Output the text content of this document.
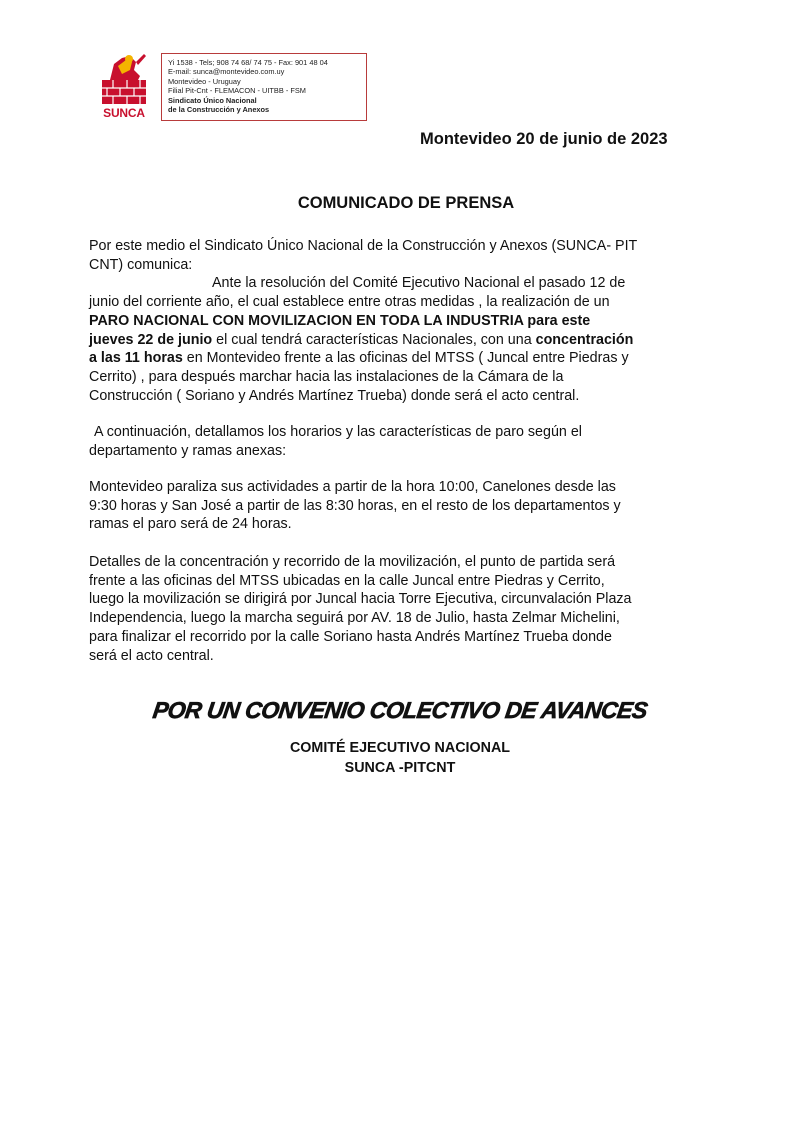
SUNCA
Yi 1538 - Tels; 908 74 68/ 74 75 - Fax: 901 48 04
E-mail: sunca@montevideo.com.uy
Montevideo - Uruguay
Filial Pit-Cnt - FLEMACON - UITBB - FSM
Sindicato Único Nacional
de la Construcción y Anexos
Montevideo 20 de junio de 2023
COMUNICADO DE PRENSA
Por este medio el Sindicato Único Nacional de la Construcción y Anexos (SUNCA- PIT
CNT) comunica:
Ante la resolución del Comité Ejecutivo Nacional el pasado 12 de
junio del corriente año, el cual establece entre otras medidas , la realización de un
PARO NACIONAL CON MOVILIZACION EN TODA LA INDUSTRIA para este
jueves 22 de junio el cual tendrá características Nacionales, con una concentración
a las 11 horas en Montevideo frente a las oficinas del MTSS ( Juncal entre Piedras y
Cerrito) , para después marchar hacia las instalaciones de la Cámara de la
Construcción ( Soriano y Andrés Martínez Trueba) donde será el acto central.
A continuación, detallamos los horarios y las características de paro según el
departamento y ramas anexas:
Montevideo paraliza sus actividades a partir de la hora 10:00, Canelones desde las
9:30 horas y San José a partir de las 8:30 horas, en el resto de los departamentos y
ramas el paro será de 24 horas.
Detalles de la concentración y recorrido de la movilización, el punto de partida será
frente a las oficinas del MTSS ubicadas en la calle Juncal entre Piedras y Cerrito,
luego la movilización se dirigirá por Juncal hacia Torre Ejecutiva, circunvalación Plaza
Independencia, luego la marcha seguirá por AV. 18 de Julio, hasta Zelmar Michelini,
para finalizar el recorrido por la calle Soriano hasta Andrés Martínez Trueba donde
será el acto central.
POR UN CONVENIO COLECTIVO DE AVANCES
COMITÉ EJECUTIVO NACIONAL
SUNCA -PITCNT
